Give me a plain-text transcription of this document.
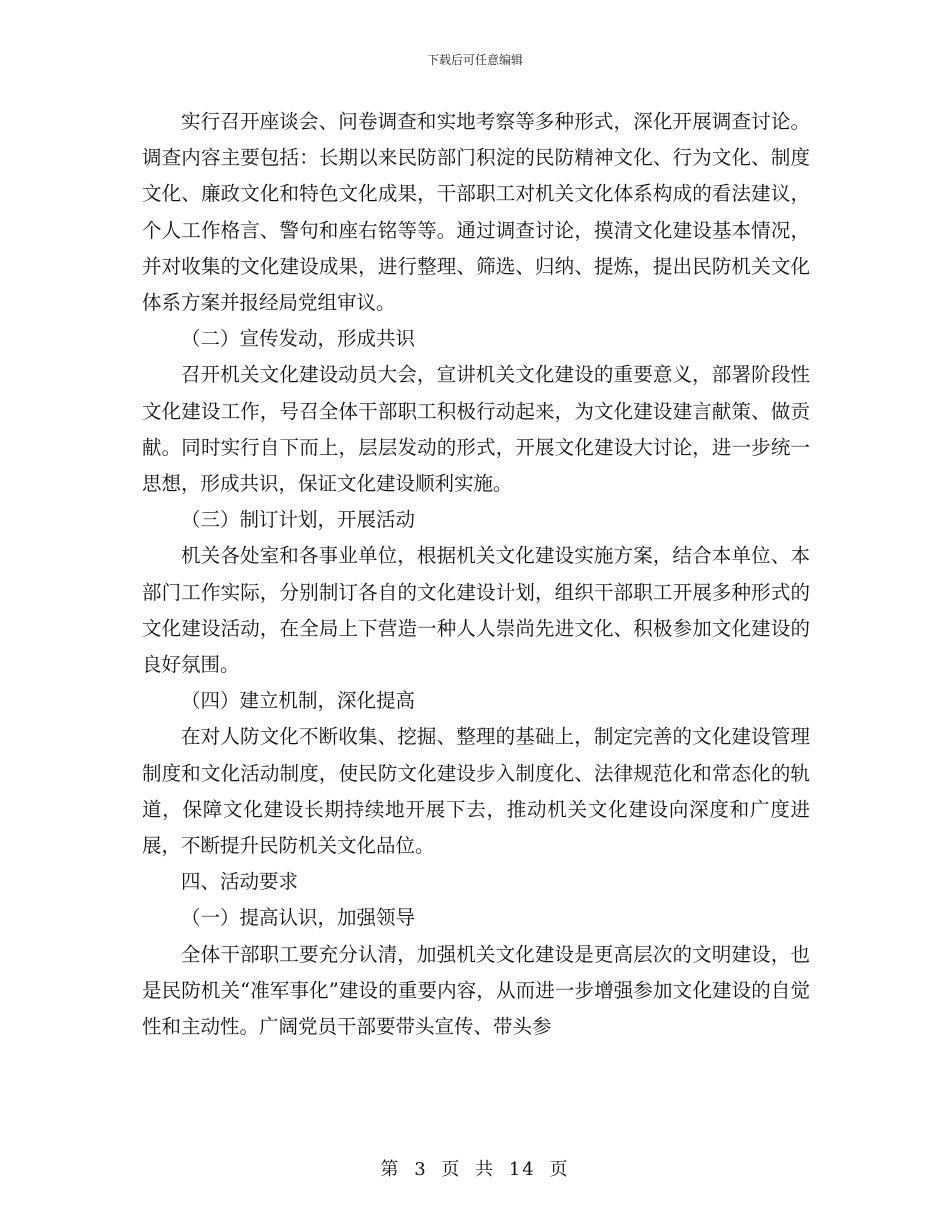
下载后可任意编辑

实行召开座谈会、问卷调查和实地考察等多种形式，深化开展调查讨论。调查内容主要包括：长期以来民防部门积淀的民防精神文化、行为文化、制度文化、廉政文化和特色文化成果，干部职工对机关文化体系构成的看法建议，个人工作格言、警句和座右铭等等。通过调查讨论，摸清文化建设基本情况，并对收集的文化建设成果，进行整理、筛选、归纳、提炼，提出民防机关文化体系方案并报经局党组审议。

（二）宣传发动，形成共识

召开机关文化建设动员大会，宣讲机关文化建设的重要意义，部署阶段性文化建设工作，号召全体干部职工积极行动起来，为文化建设建言献策、做贡献。同时实行自下而上，层层发动的形式，开展文化建设大讨论，进一步统一思想，形成共识，保证文化建设顺利实施。

（三）制订计划，开展活动

机关各处室和各事业单位，根据机关文化建设实施方案，结合本单位、本部门工作实际，分别制订各自的文化建设计划，组织干部职工开展多种形式的文化建设活动，在全局上下营造一种人人崇尚先进文化、积极参加文化建设的良好氛围。

（四）建立机制，深化提高

在对人防文化不断收集、挖掘、整理的基础上，制定完善的文化建设管理制度和文化活动制度，使民防文化建设步入制度化、法律规范化和常态化的轨道，保障文化建设长期持续地开展下去，推动机关文化建设向深度和广度进展，不断提升民防机关文化品位。

四、活动要求

（一）提高认识，加强领导

全体干部职工要充分认清，加强机关文化建设是更高层次的文明建设，也是民防机关“准军事化”建设的重要内容，从而进一步增强参加文化建设的自觉性和主动性。广阔党员干部要带头宣传、带头参

第 3 页 共 14 页
